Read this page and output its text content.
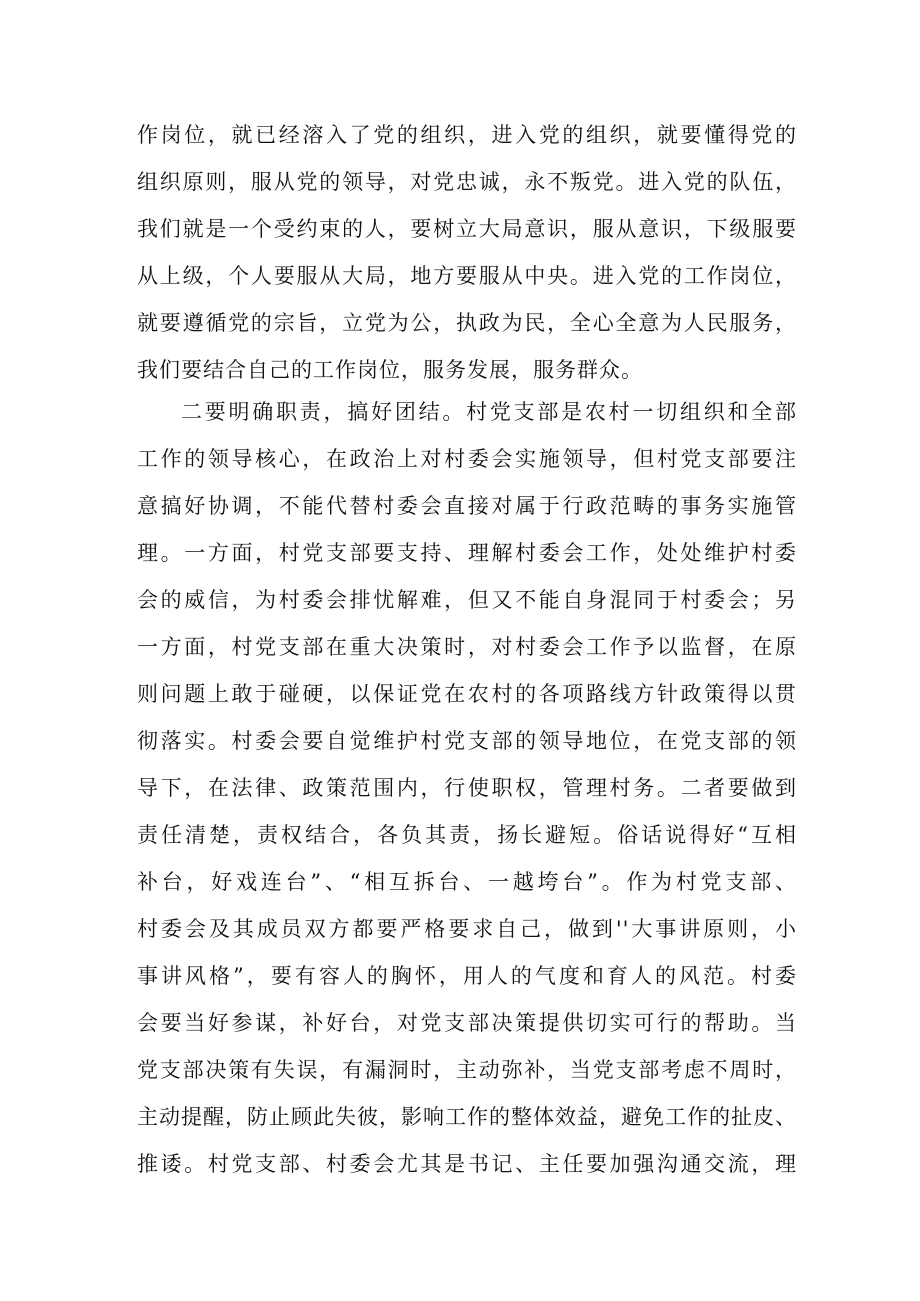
作岗位，就已经溶入了党的组织，进入党的组织，就要懂得党的
组织原则，服从党的领导，对党忠诚，永不叛党。进入党的队伍，
我们就是一个受约束的人，要树立大局意识，服从意识，下级服要
从上级，个人要服从大局，地方要服从中央。进入党的工作岗位，
就要遵循党的宗旨，立党为公，执政为民，全心全意为人民服务，
我们要结合自己的工作岗位，服务发展，服务群众。
二要明确职责，搞好团结。村党支部是农村一切组织和全部
工作的领导核心，在政治上对村委会实施领导，但村党支部要注
意搞好协调，不能代替村委会直接对属于行政范畴的事务实施管
理。一方面，村党支部要支持、理解村委会工作，处处维护村委
会的威信，为村委会排忧解难，但又不能自身混同于村委会；另
一方面，村党支部在重大决策时，对村委会工作予以监督，在原
则问题上敢于碰硬，以保证党在农村的各项路线方针政策得以贯
彻落实。村委会要自觉维护村党支部的领导地位，在党支部的领
导下，在法律、政策范围内，行使职权，管理村务。二者要做到
责任清楚，责权结合，各负其责，扬长避短。俗话说得好“互相
补台，好戏连台”、“相互拆台、一越垮台”。作为村党支部、
村委会及其成员双方都要严格要求自己，做到''大事讲原则，小
事讲风格”，要有容人的胸怀，用人的气度和育人的风范。村委
会要当好参谋，补好台，对党支部决策提供切实可行的帮助。当
党支部决策有失误，有漏洞时，主动弥补，当党支部考虑不周时，
主动提醒，防止顾此失彼，影响工作的整体效益，避免工作的扯皮、
推诿。村党支部、村委会尤其是书记、主任要加强沟通交流，理
